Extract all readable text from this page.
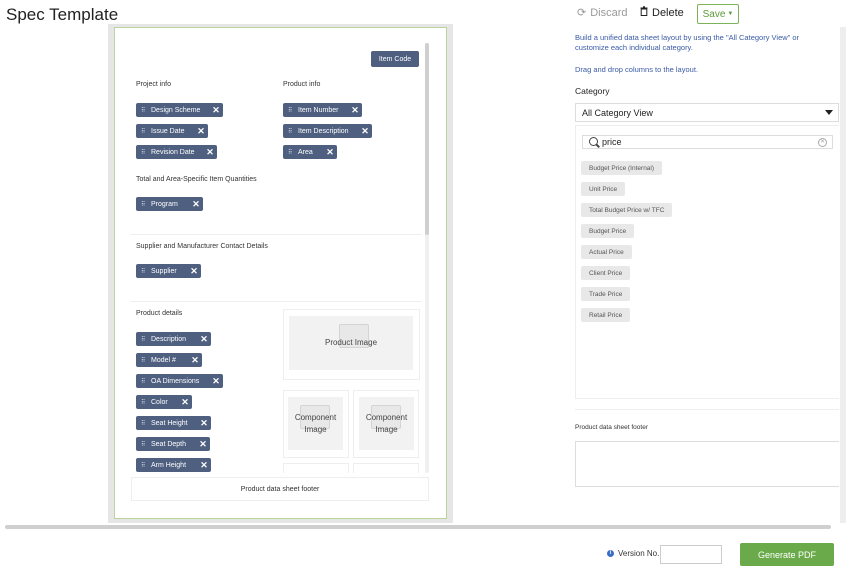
Spec Template	⟳ Discard Delete Save ▼
Item Code
Project info	Product info
⠿ Design Scheme	✕
⠿ Issue Date	✕
⠿ Revision Date	✕
⠿ Item Number	✕
⠿ Item Description	✕
⠿ Area	✕
Total and Area-Specific Item Quantities
⠿ Program	✕
Supplier and Manufacturer Contact Details
⠿ Supplier	✕
Product details
⠿ Description	✕
⠿ Model #	✕
⠿ OA Dimensions	✕
⠿ Color	✕
⠿ Seat Height	✕
⠿ Seat Depth	✕
⠿ Arm Height	✕
Product Image
Component
Image
Component
Image
Product data sheet footer
Build a unified data sheet layout by using the "All Category View" or customize each individual category.
Drag and drop columns to the layout.
Category
All Category View
price	✕
Budget Price (Internal)
Unit Price
Total Budget Price w/ TFC
Budget Price
Actual Price
Client Price
Trade Price
Retail Price
Product data sheet footer
i Version No.	Generate PDF
